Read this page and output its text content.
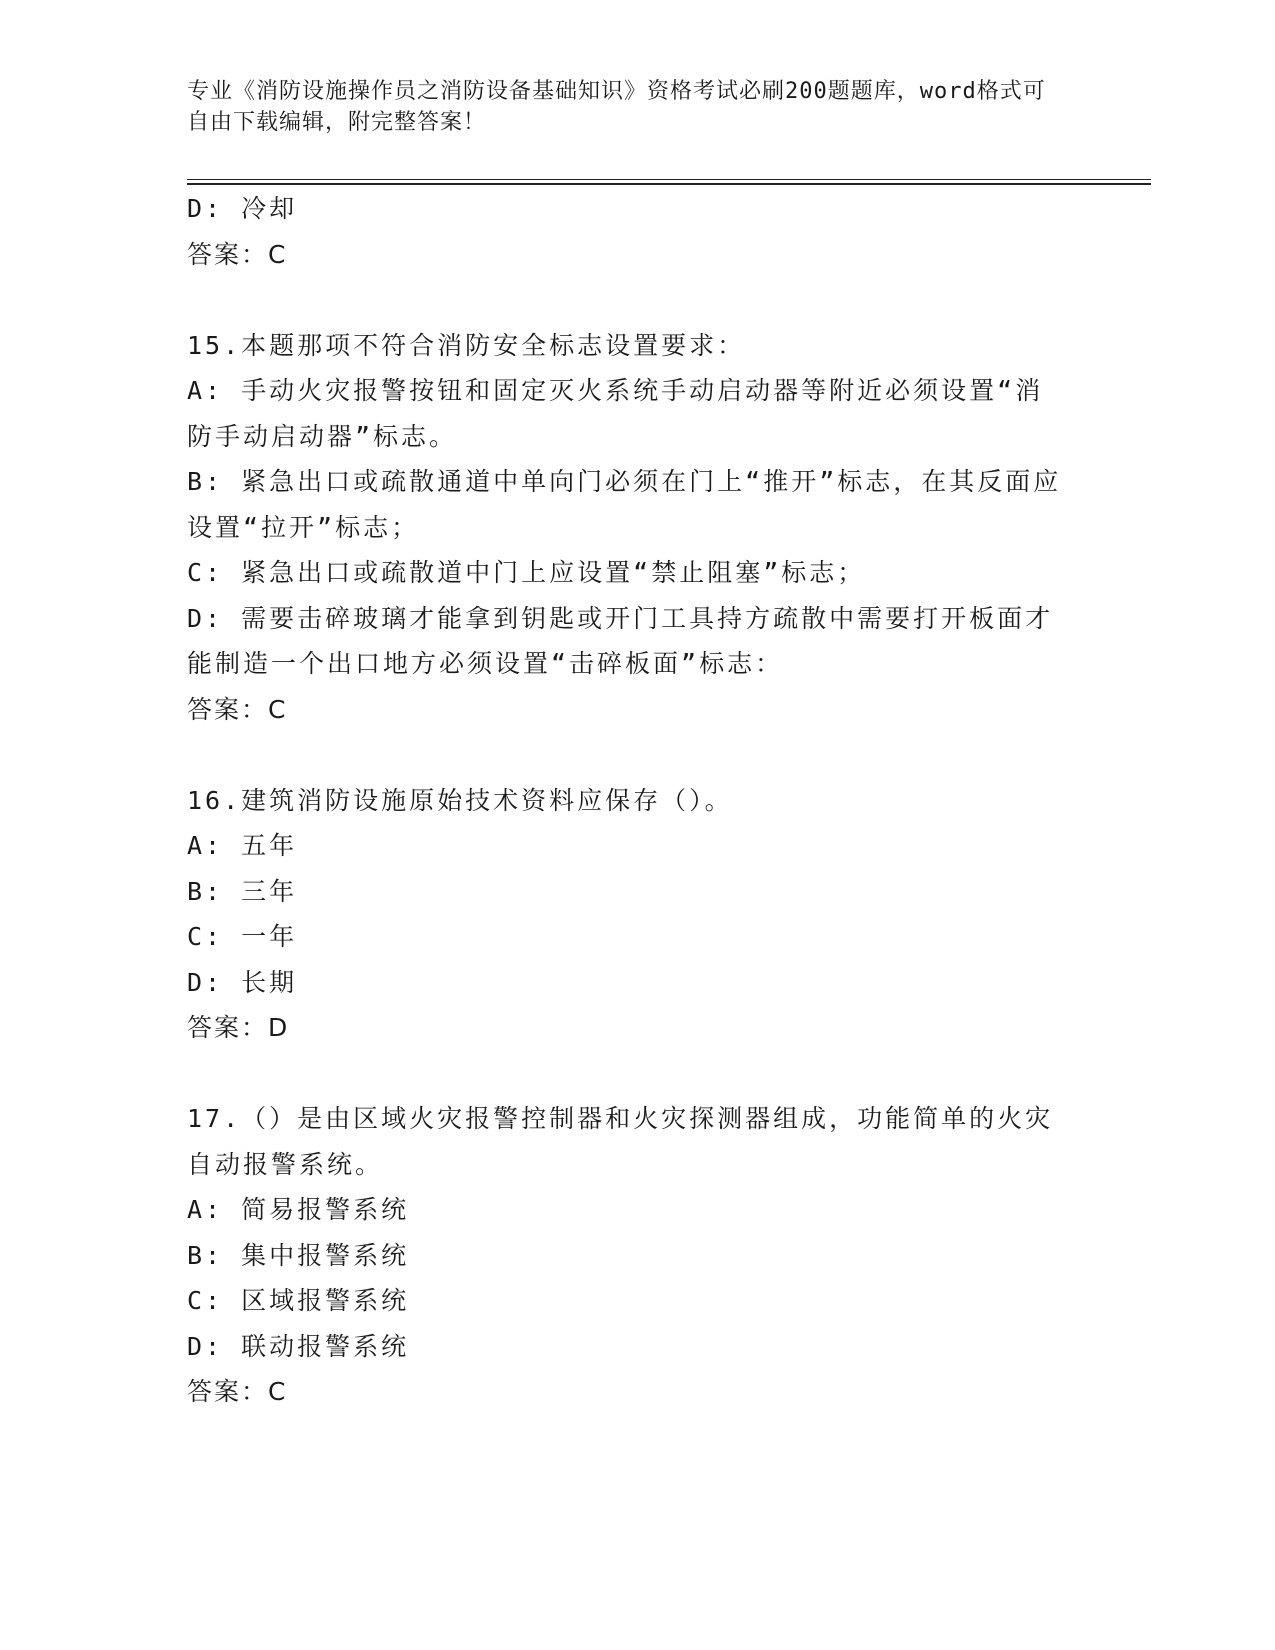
专业《消防设施操作员之消防设备基础知识》资格考试必刷200题题库，word格式可自由下载编辑，附完整答案！
D: 冷却
答案：C
15.本题那项不符合消防安全标志设置要求：
A: 手动火灾报警按钮和固定灭火系统手动启动器等附近必须设置“消防手动启动器”标志。
B: 紧急出口或疏散通道中单向门必须在门上“推开”标志，在其反面应设置“拉开”标志；
C: 紧急出口或疏散道中门上应设置“禁止阻塞”标志；
D: 需要击碎玻璃才能拿到钥匙或开门工具持方疏散中需要打开板面才能制造一个出口地方必须设置“击碎板面”标志：
答案：C
16.建筑消防设施原始技术资料应保存（）。
A: 五年
B: 三年
C: 一年
D: 长期
答案：D
17.（）是由区域火灾报警控制器和火灾探测器组成，功能简单的火灾自动报警系统。
A: 简易报警系统
B: 集中报警系统
C: 区域报警系统
D: 联动报警系统
答案：C
